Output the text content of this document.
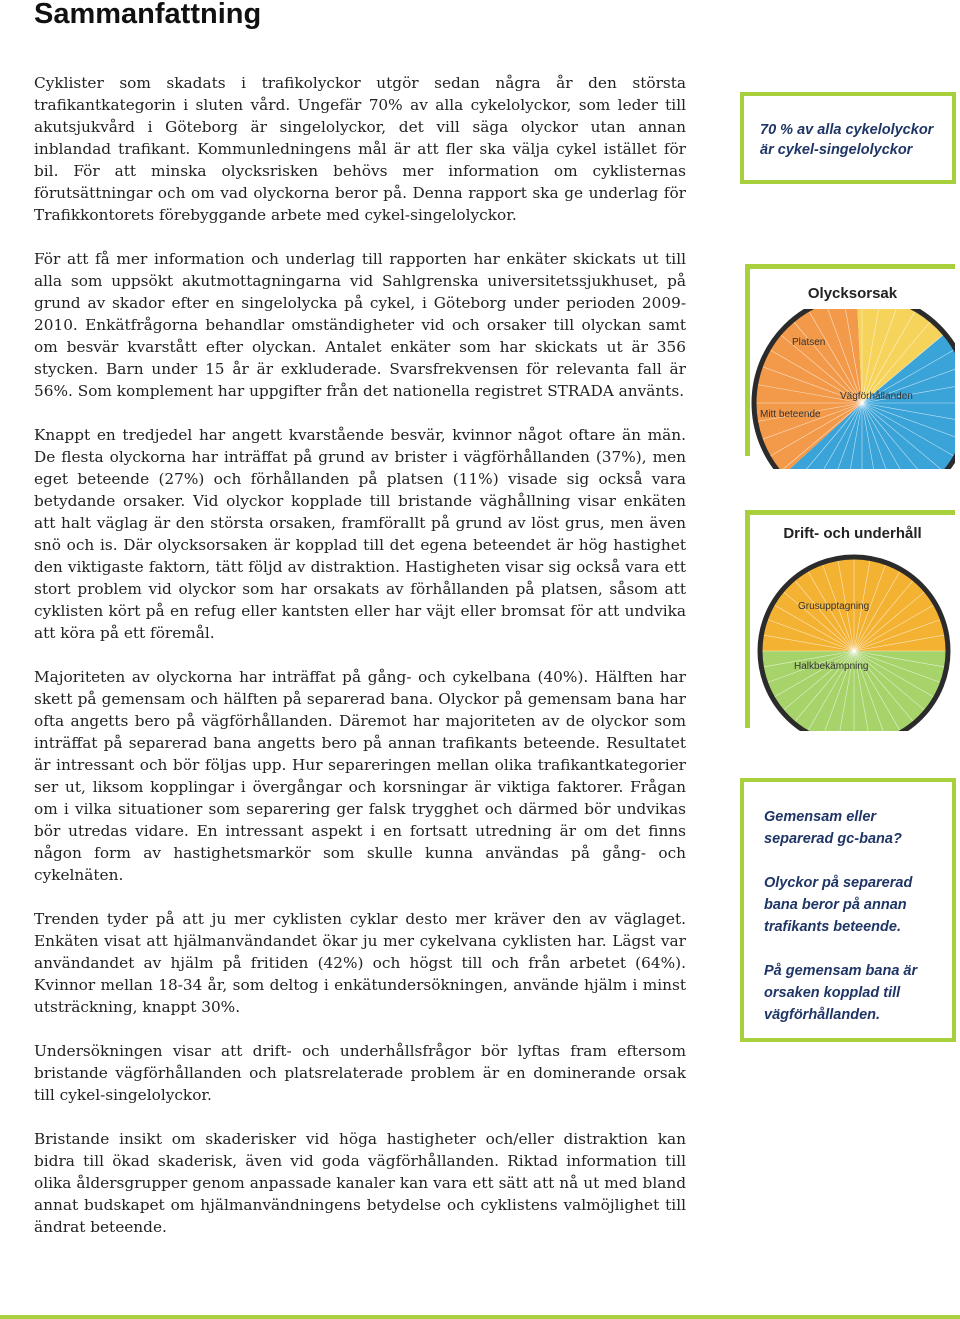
Sammanfattning

Cyklister som skadats i trafikolyckor utgör sedan några år den största trafikantkategorin i sluten vård. Ungefär 70% av alla cykelolyckor, som leder till akutsjukvård i Göteborg är singelolyckor, det vill säga olyckor utan annan inblandad trafikant. Kommunledningens mål är att fler ska välja cykel istället för bil. För att minska olycksrisken behövs mer information om cyklisternas förutsättningar och om vad olyckorna beror på. Denna rapport ska ge underlag för Trafikkontorets förebyggande arbete med cykel-singelolyckor.

För att få mer information och underlag till rapporten har enkäter skickats ut till alla som uppsökt akutmottagningarna vid Sahlgrenska universitetssjukhuset, på grund av skador efter en singelolycka på cykel, i Göteborg under perioden 2009-2010. Enkätfrågorna behandlar omständigheter vid och orsaker till olyckan samt om besvär kvarstått efter olyckan. Antalet enkäter som har skickats ut är 356 stycken. Barn under 15 år är exkluderade. Svarsfrekvensen för relevanta fall är 56%. Som komplement har uppgifter från det nationella registret STRADA använts.

Knappt en tredjedel har angett kvarstående besvär, kvinnor något oftare än män. De flesta olyckorna har inträffat på grund av brister i vägförhållanden (37%), men eget beteende (27%) och förhållanden på platsen (11%) visade sig också vara betydande orsaker. Vid olyckor kopplade till bristande väghållning visar enkäten att halt väglag är den största orsaken, framförallt på grund av löst grus, men även snö och is. Där olycksorsaken är kopplad till det egena beteendet är hög hastighet den viktigaste faktorn, tätt följd av distraktion. Hastigheten visar sig också vara ett stort problem vid olyckor som har orsakats av förhållanden på platsen, såsom att cyklisten kört på en refug eller kantsten eller har väjt eller bromsat för att undvika att köra på ett föremål.

Majoriteten av olyckorna har inträffat på gång- och cykelbana (40%). Hälften har skett på gemensam och hälften på separerad bana. Olyckor på gemensam bana har ofta angetts bero på vägförhållanden. Däremot har majoriteten av de olyckor som inträffat på separerad bana angetts bero på annan trafikants beteende. Resultatet är intressant och bör följas upp. Hur separeringen mellan olika trafikantkategorier ser ut, liksom kopplingar i övergångar och korsningar är viktiga faktorer. Frågan om i vilka situationer som separering ger falsk trygghet och därmed bör undvikas bör utredas vidare. En intressant aspekt i en fortsatt utredning är om det finns någon form av hastighetsmarkör som skulle kunna användas på gång- och cykelnäten.

Trenden tyder på att ju mer cyklisten cyklar desto mer kräver den av väglaget. Enkäten visat att hjälmanvändandet ökar ju mer cykelvana cyklisten har. Lägst var användandet av hjälm på fritiden (42%) och högst till och från arbetet (64%). Kvinnor mellan 18-34 år, som deltog i enkätundersökningen, använde hjälm i minst utsträckning, knappt 30%.

Undersökningen visar att drift- och underhållsfrågor bör lyftas fram eftersom bristande vägförhållanden och platsrelaterade problem är en dominerande orsak till cykel-singelolyckor.

Bristande insikt om skaderisker vid höga hastigheter och/eller distraktion kan bidra till ökad skaderisk, även vid goda vägförhållanden. Riktad information till olika åldersgrupper genom anpassade kanaler kan vara ett sätt att nå ut med bland annat budskapet om hjälmanvändningens betydelse och cyklistens valmöjlighet till ändrat beteende.

70 % av alla cykelolyckor är cykel-singelolyckor
Olycksorsak
Vägförhållanden
Mitt beteende
Platsen
Drift- och underhåll
Grusupptagning
Halkbekämpning

Gemensam eller separerad gc-bana?

Olyckor på separerad bana beror på annan trafikants beteende.

På gemensam bana är orsaken kopplad till vägförhållanden.
